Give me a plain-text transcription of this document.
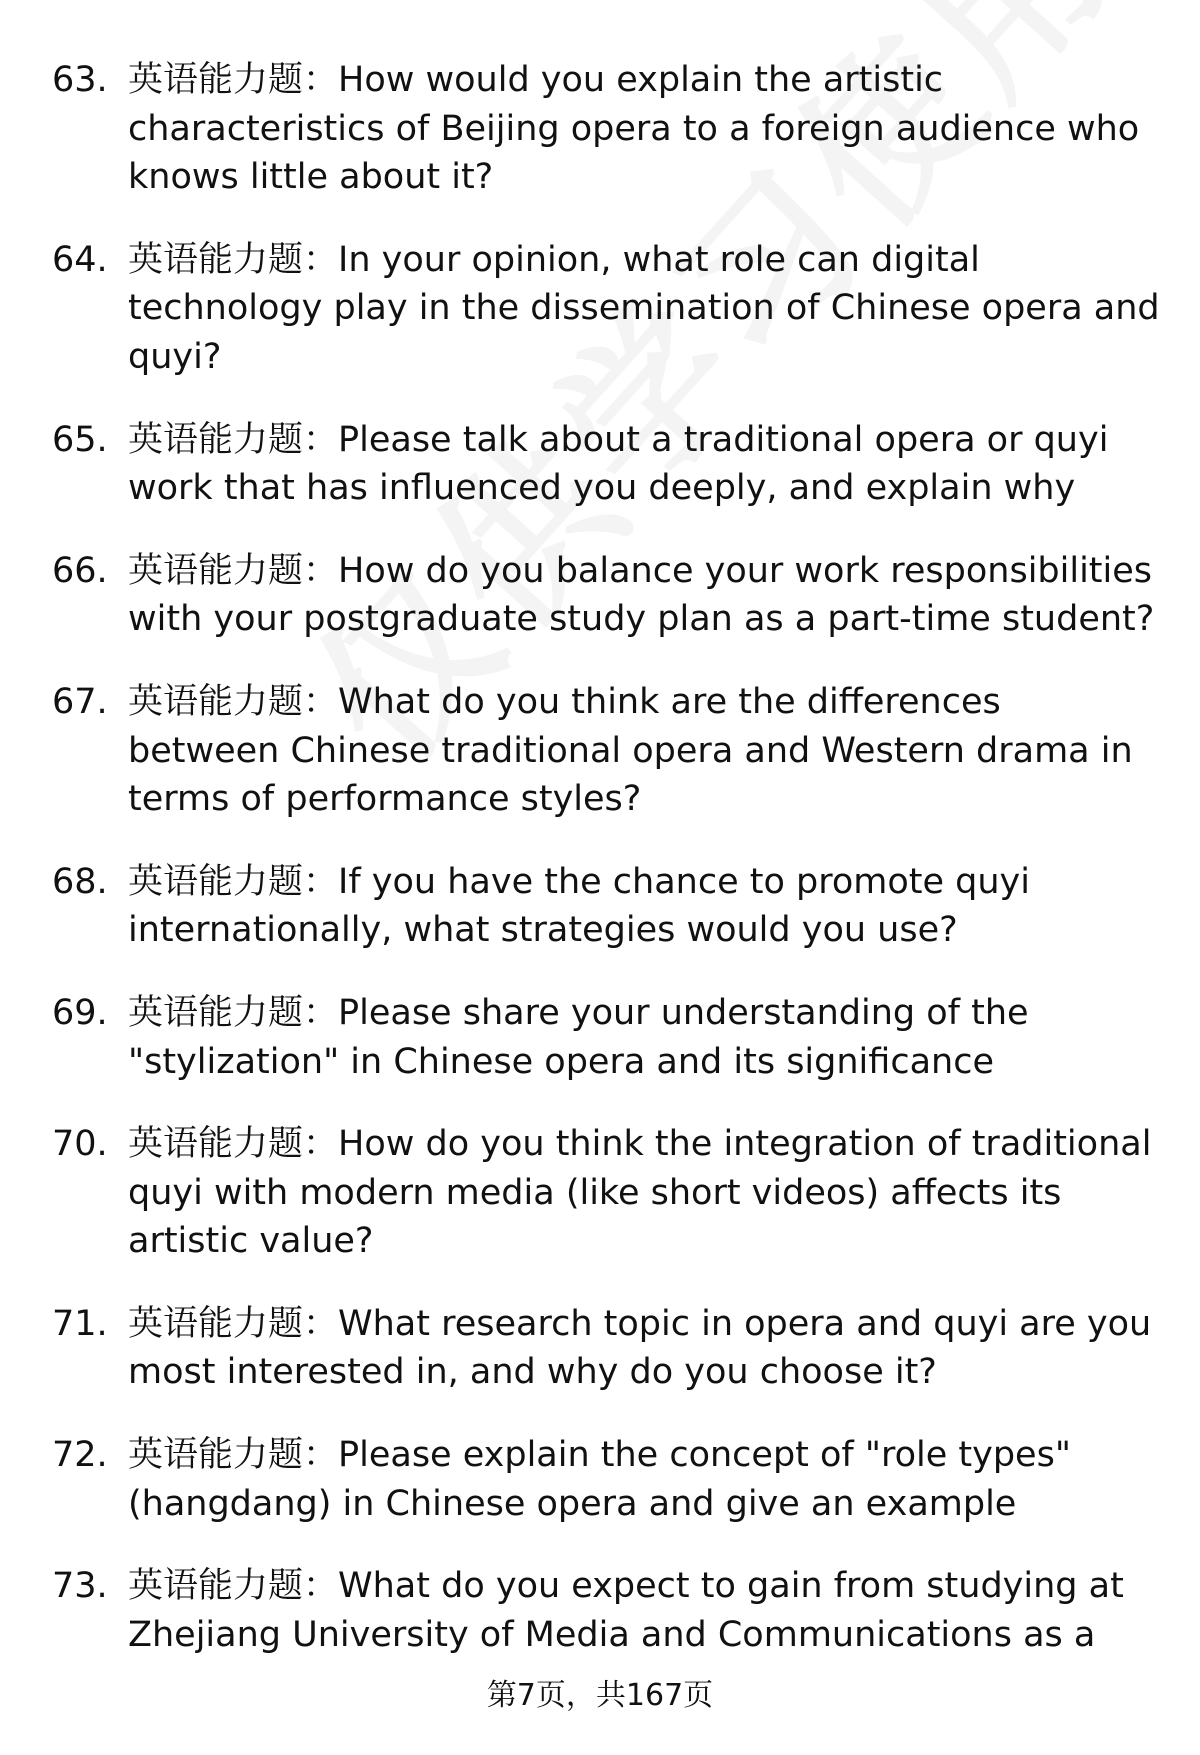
63. 英语能力题：How would you explain the artistic characteristics of Beijing opera to a foreign audience who knows little about it?
64. 英语能力题：In your opinion, what role can digital technology play in the dissemination of Chinese opera and quyi?
65. 英语能力题：Please talk about a traditional opera or quyi work that has influenced you deeply, and explain why
66. 英语能力题：How do you balance your work responsibilities with your postgraduate study plan as a part-time student?
67. 英语能力题：What do you think are the differences between Chinese traditional opera and Western drama in terms of performance styles?
68. 英语能力题：If you have the chance to promote quyi internationally, what strategies would you use?
69. 英语能力题：Please share your understanding of the "stylization" in Chinese opera and its significance
70. 英语能力题：How do you think the integration of traditional quyi with modern media (like short videos) affects its artistic value?
71. 英语能力题：What research topic in opera and quyi are you most interested in, and why do you choose it?
72. 英语能力题：Please explain the concept of "role types" (hangdang) in Chinese opera and give an example
73. 英语能力题：What do you expect to gain from studying at Zhejiang University of Media and Communications as a
第7页，共167页
